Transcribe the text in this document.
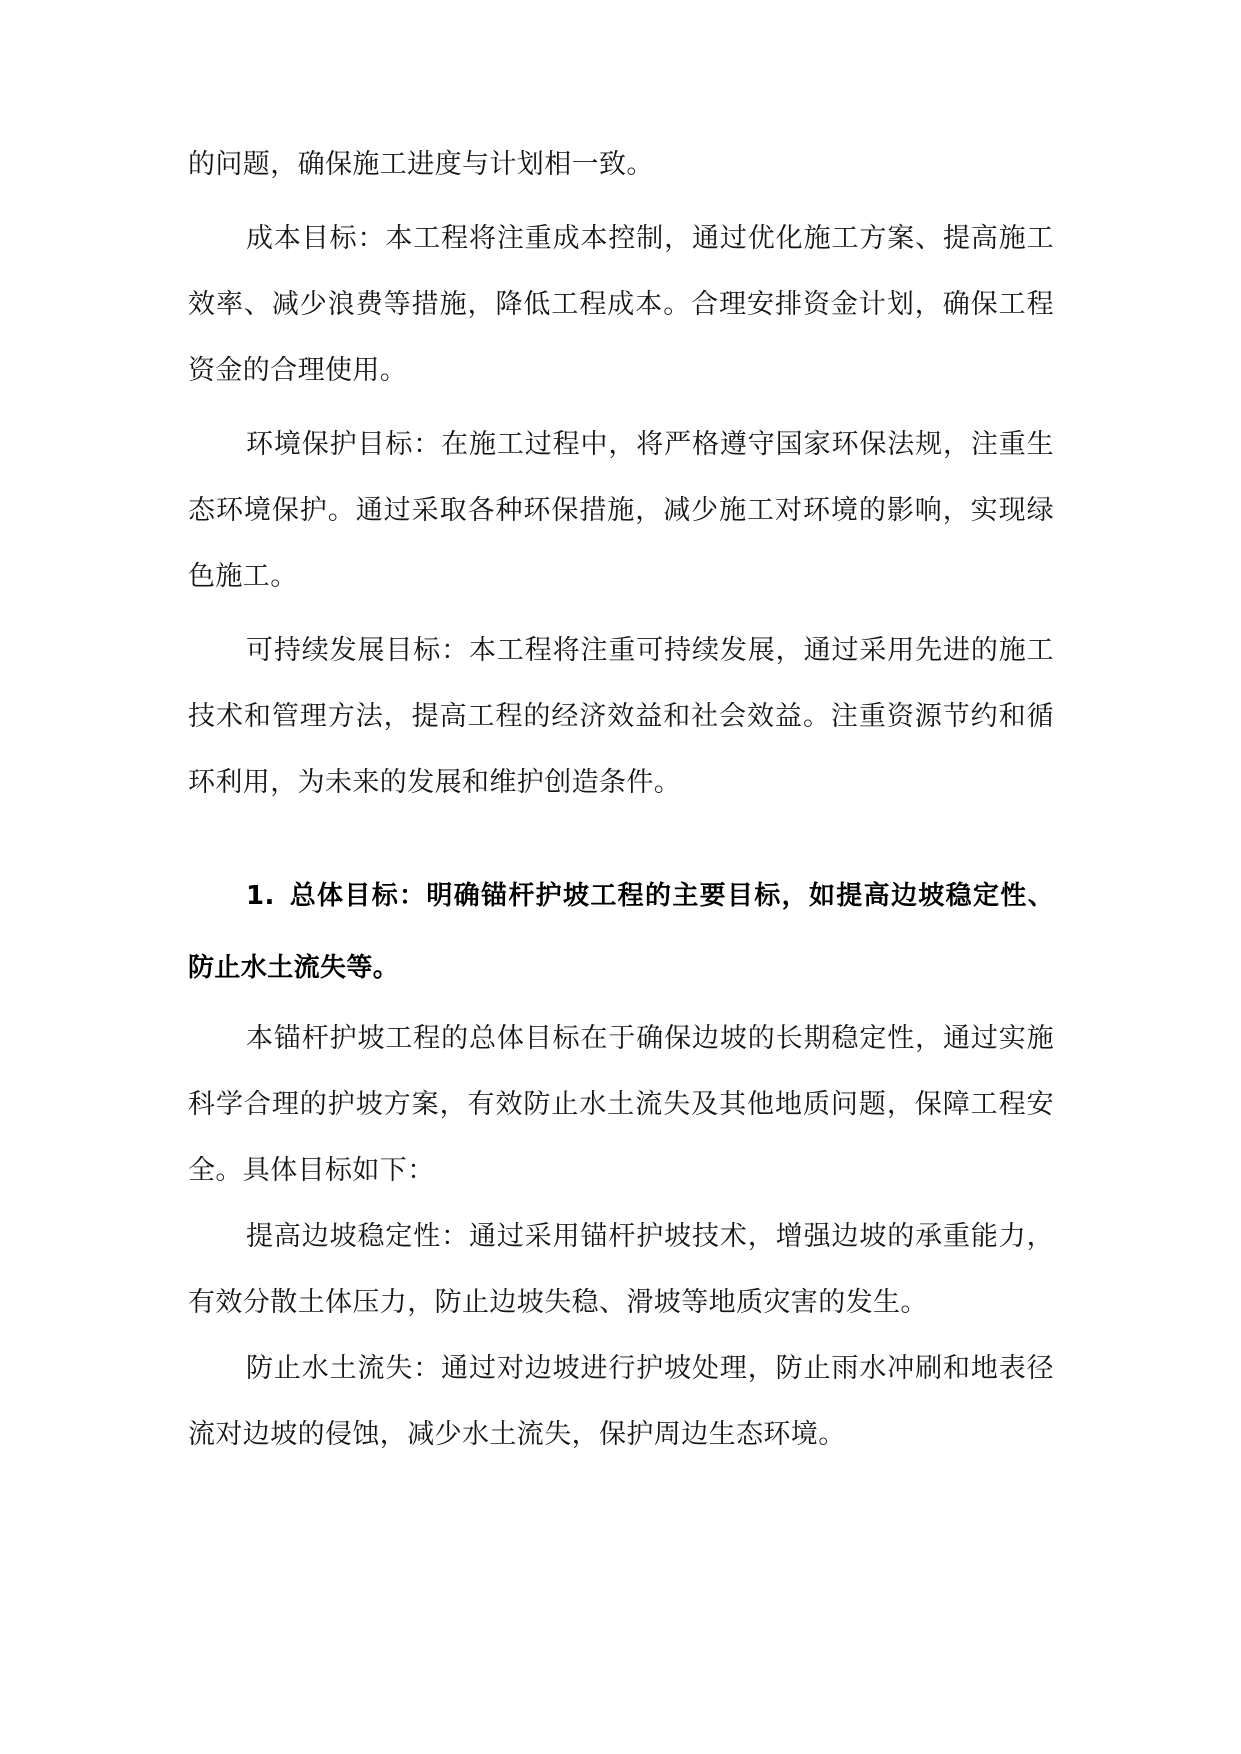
的问题，确保施工进度与计划相一致。

成本目标：本工程将注重成本控制，通过优化施工方案、提高施工效率、减少浪费等措施，降低工程成本。合理安排资金计划，确保工程资金的合理使用。

环境保护目标：在施工过程中，将严格遵守国家环保法规，注重生态环境保护。通过采取各种环保措施，减少施工对环境的影响，实现绿色施工。

可持续发展目标：本工程将注重可持续发展，通过采用先进的施工技术和管理方法，提高工程的经济效益和社会效益。注重资源节约和循环利用，为未来的发展和维护创造条件。

1. 总体目标：明确锚杆护坡工程的主要目标，如提高边坡稳定性、防止水土流失等。

本锚杆护坡工程的总体目标在于确保边坡的长期稳定性，通过实施科学合理的护坡方案，有效防止水土流失及其他地质问题，保障工程安全。具体目标如下：

提高边坡稳定性：通过采用锚杆护坡技术，增强边坡的承重能力，有效分散土体压力，防止边坡失稳、滑坡等地质灾害的发生。

防止水土流失：通过对边坡进行护坡处理，防止雨水冲刷和地表径流对边坡的侵蚀，减少水土流失，保护周边生态环境。
